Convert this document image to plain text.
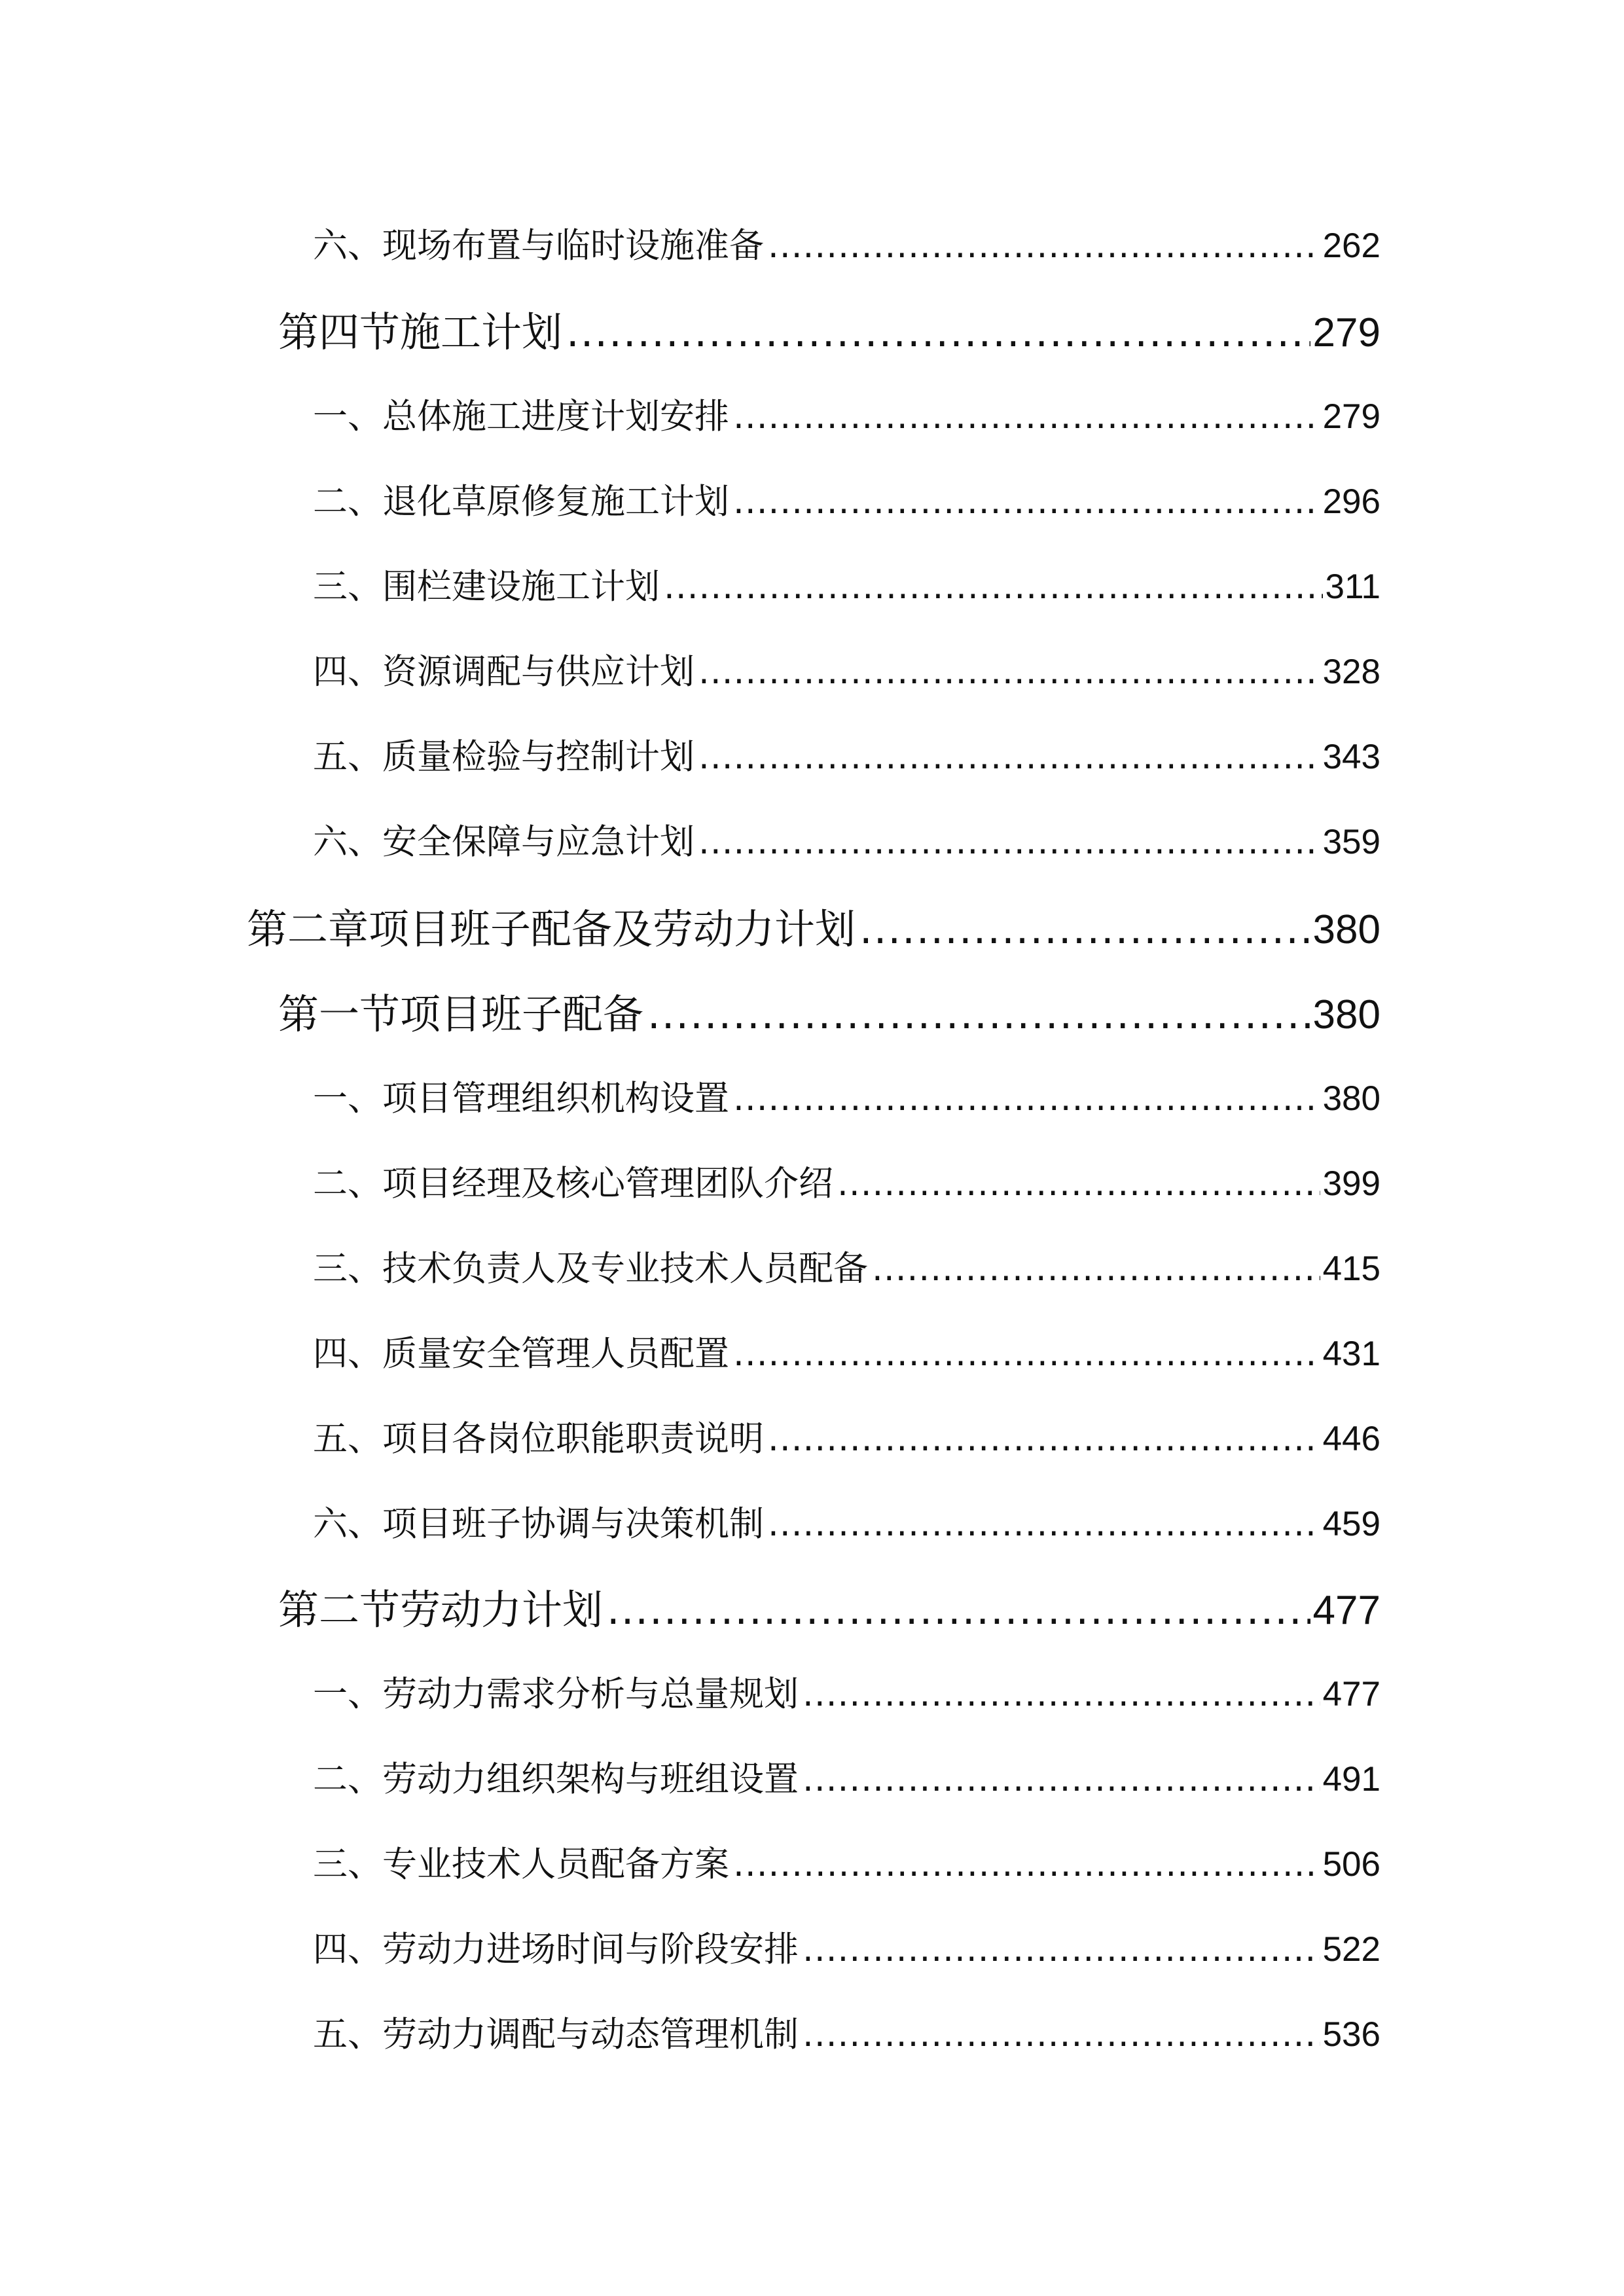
六、现场布置与临时设施准备 .....	262
第四节施工计划 .....	279
一、总体施工进度计划安排 .....	279
二、退化草原修复施工计划 .....	296
三、围栏建设施工计划 .....	311
四、资源调配与供应计划 .....	328
五、质量检验与控制计划 .....	343
六、安全保障与应急计划 .....	359
第二章项目班子配备及劳动力计划 .....	380
第一节项目班子配备 .....	380
一、项目管理组织机构设置 .....	380
二、项目经理及核心管理团队介绍 .....	399
三、技术负责人及专业技术人员配备 .....	415
四、质量安全管理人员配置 .....	431
五、项目各岗位职能职责说明 .....	446
六、项目班子协调与决策机制 .....	459
第二节劳动力计划 .....	477
一、劳动力需求分析与总量规划 .....	477
二、劳动力组织架构与班组设置 .....	491
三、专业技术人员配备方案 .....	506
四、劳动力进场时间与阶段安排 .....	522
五、劳动力调配与动态管理机制 .....	536
